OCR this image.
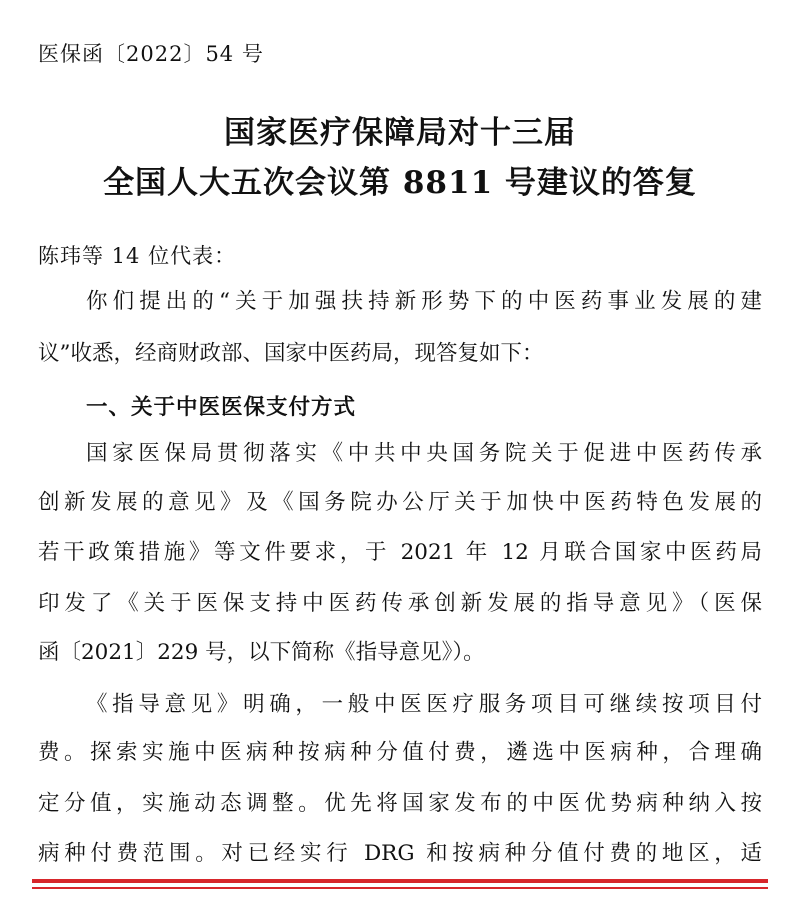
医保函〔2022〕54 号
国家医疗保障局对十三届
全国人大五次会议第 8811 号建议的答复
陈玮等 14 位代表：
你们提出的“关于加强扶持新形势下的中医药事业发展的建
议”收悉，经商财政部、国家中医药局，现答复如下：
一、关于中医医保支付方式
国家医保局贯彻落实《中共中央国务院关于促进中医药传承
创新发展的意见》及《国务院办公厅关于加快中医药特色发展的
若干政策措施》等文件要求，于 2021 年 12 月联合国家中医药局
印发了《关于医保支持中医药传承创新发展的指导意见》（医保
函〔2021〕229 号，以下简称《指导意见》）。
《指导意见》明确，一般中医医疗服务项目可继续按项目付
费。探索实施中医病种按病种分值付费，遴选中医病种，合理确
定分值，实施动态调整。优先将国家发布的中医优势病种纳入按
病种付费范围。对已经实行 DRG 和按病种分值付费的地区，适
